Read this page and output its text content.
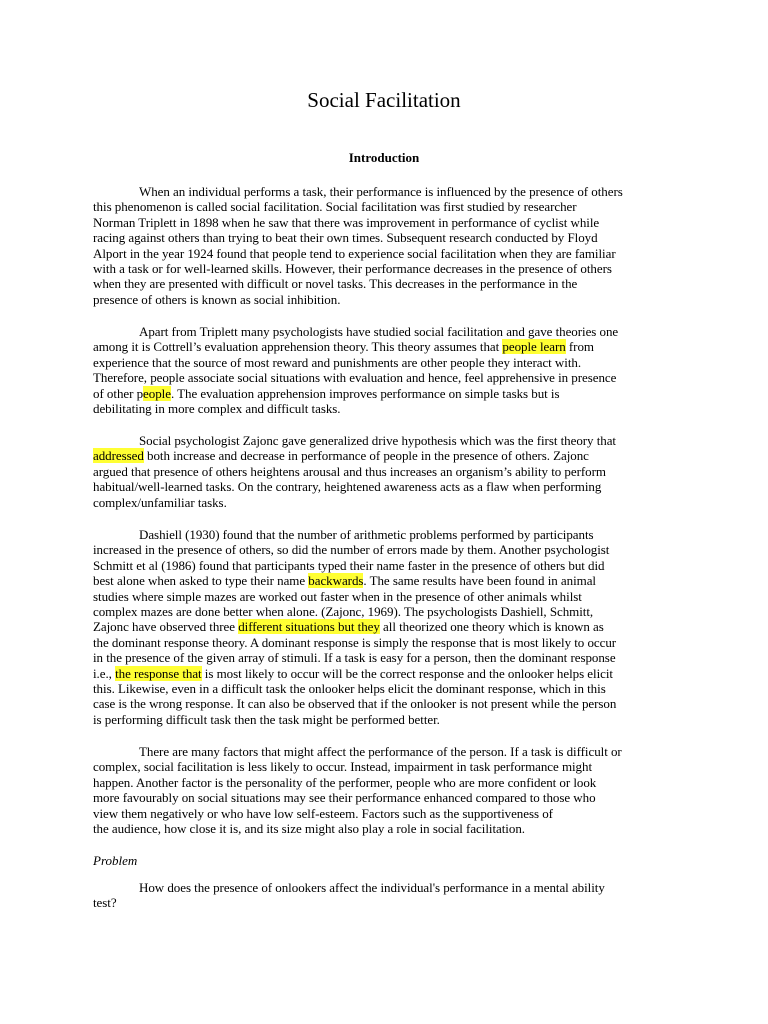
Social Facilitation
Introduction

When an individual performs a task, their performance is influenced by the presence of others
this phenomenon is called social facilitation. Social facilitation was first studied by researcher
Norman Triplett in 1898 when he saw that there was improvement in performance of cyclist while
racing against others than trying to beat their own times. Subsequent research conducted by Floyd
Alport in the year 1924 found that people tend to experience social facilitation when they are familiar
with a task or for well-learned skills. However, their performance decreases in the presence of others
when they are presented with difficult or novel tasks. This decreases in the performance in the
presence of others is known as social inhibition.

Apart from Triplett many psychologists have studied social facilitation and gave theories one
among it is Cottrell’s evaluation apprehension theory. This theory assumes that people learn from
experience that the source of most reward and punishments are other people they interact with.
Therefore, people associate social situations with evaluation and hence, feel apprehensive in presence
of other people. The evaluation apprehension improves performance on simple tasks but is
debilitating in more complex and difficult tasks.

Social psychologist Zajonc gave generalized drive hypothesis which was the first theory that
addressed both increase and decrease in performance of people in the presence of others. Zajonc
argued that presence of others heightens arousal and thus increases an organism’s ability to perform
habitual/well-learned tasks. On the contrary, heightened awareness acts as a flaw when performing
complex/unfamiliar tasks.

Dashiell (1930) found that the number of arithmetic problems performed by participants
increased in the presence of others, so did the number of errors made by them. Another psychologist
Schmitt et al (1986) found that participants typed their name faster in the presence of others but did
best alone when asked to type their name backwards. The same results have been found in animal
studies where simple mazes are worked out faster when in the presence of other animals whilst
complex mazes are done better when alone. (Zajonc, 1969). The psychologists Dashiell, Schmitt,
Zajonc have observed three different situations but they all theorized one theory which is known as
the dominant response theory. A dominant response is simply the response that is most likely to occur
in the presence of the given array of stimuli. If a task is easy for a person, then the dominant response
i.e., the response that is most likely to occur will be the correct response and the onlooker helps elicit
this. Likewise, even in a difficult task the onlooker helps elicit the dominant response, which in this
case is the wrong response. It can also be observed that if the onlooker is not present while the person
is performing difficult task then the task might be performed better.

There are many factors that might affect the performance of the person. If a task is difficult or
complex, social facilitation is less likely to occur. Instead, impairment in task performance might
happen. Another factor is the personality of the performer, people who are more confident or look
more favourably on social situations may see their performance enhanced compared to those who
view them negatively or who have low self-esteem. Factors such as the supportiveness of
the audience, how close it is, and its size might also play a role in social facilitation.

Problem

How does the presence of onlookers affect the individual's performance in a mental ability
test?
